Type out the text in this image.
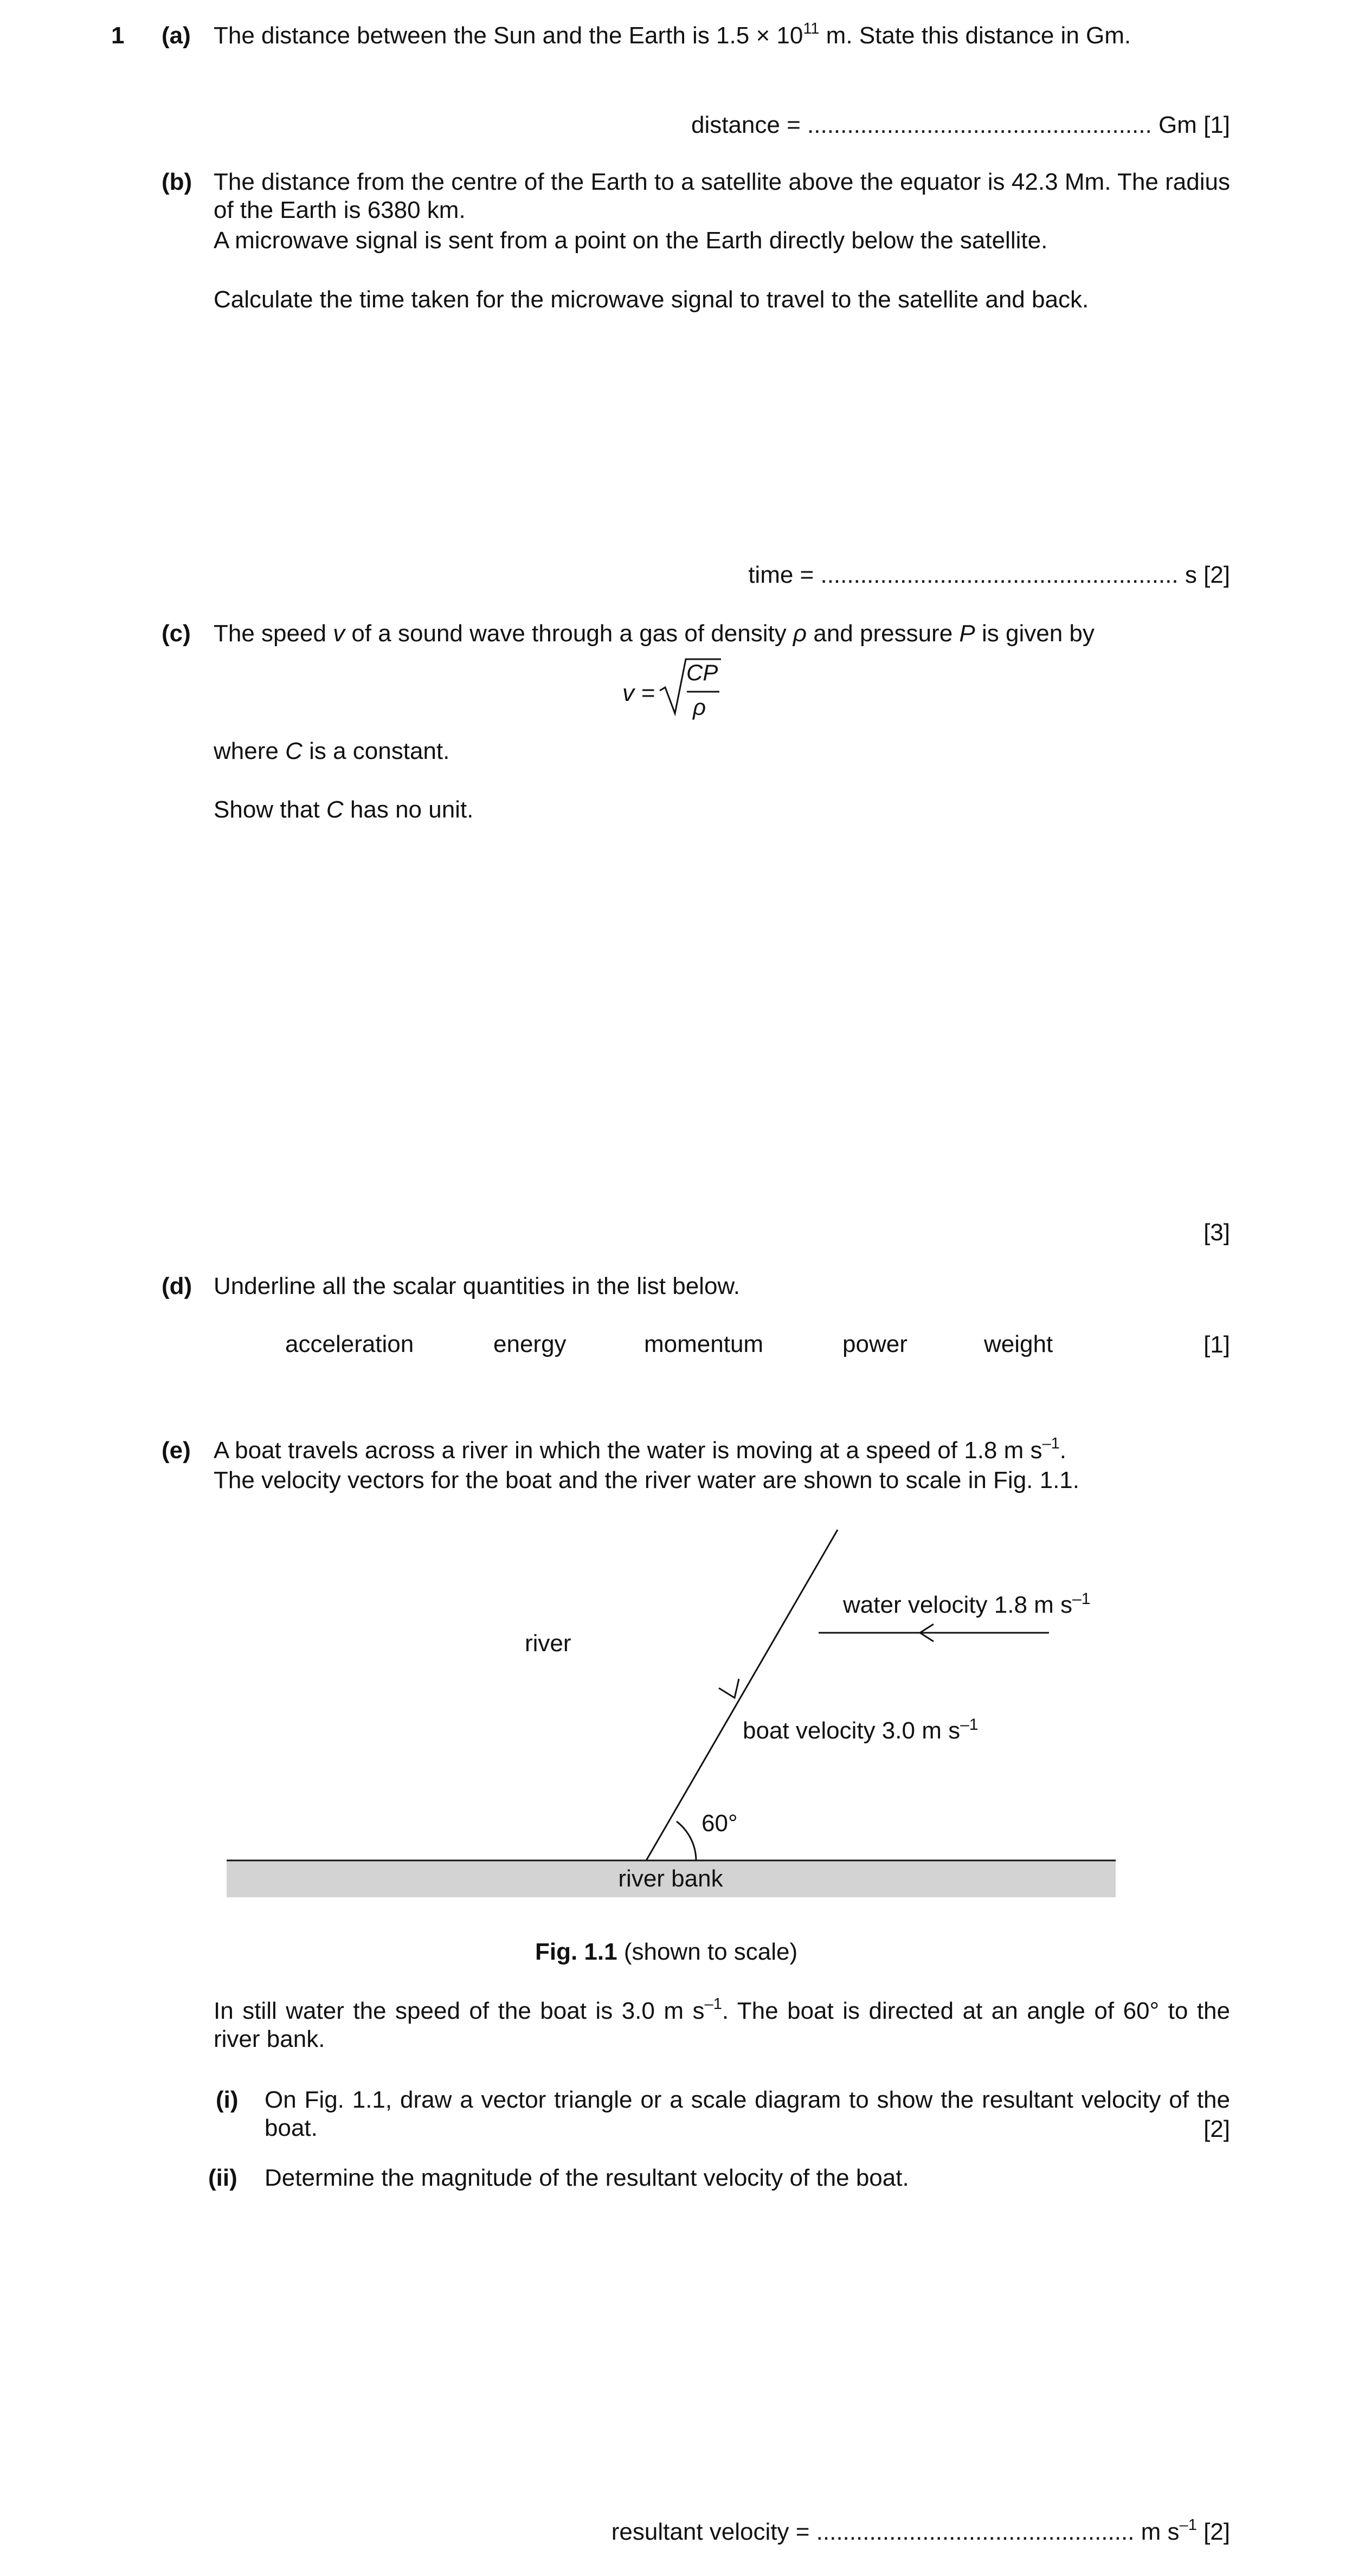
1 (a) The distance between the Sun and the Earth is $1.5 \times 10^{11}$ m. State this distance in Gm.
distance = .................................................... Gm [1]
(b) The distance from the centre of the Earth to a satellite above the equator is 42.3 Mm. The radius of the Earth is 6380 km.
A microwave signal is sent from a point on the Earth directly below the satellite.
Calculate the time taken for the microwave signal to travel to the satellite and back.
time = ...................................................... s [2]
(c) The speed v of a sound wave through a gas of density ρ and pressure P is given by
v =
CP
ρ
where C is a constant.
Show that C has no unit.
[3]
(d) Underline all the scalar quantities in the list below.
acceleration	energy	momentum	power	weight	[1]
(e) A boat travels across a river in which the water is moving at a speed of 1.8 m $s^{-1}$.
The velocity vectors for the boat and the river water are shown to scale in Fig. 1.1.
river
water velocity 1.8 m $s^{-1}$
boat velocity 3.0 m $s^{-1}$
60°
river bank
Fig. 1.1 (shown to scale)
In still water the speed of the boat is 3.0 m $s^{-1}$. The boat is directed at an angle of 60° to the river bank.
(i) On Fig. 1.1, draw a vector triangle or a scale diagram to show the resultant velocity of the boat.	[2]
(ii) Determine the magnitude of the resultant velocity of the boat.
resultant velocity = ................................................ m $s^{-1}$ [2]
